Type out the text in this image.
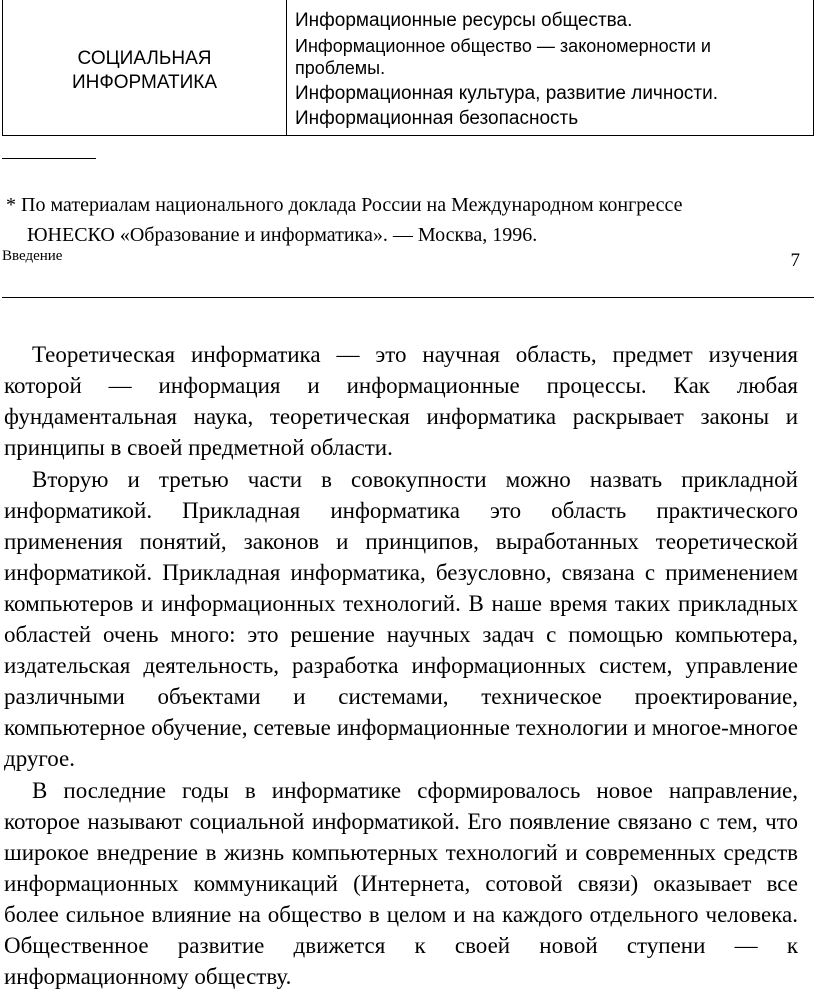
СОЦИАЛЬНАЯ
ИНФОРМАТИКА
Информационные ресурсы общества.
Информационное общество — закономерности и проблемы.
Информационная культура, развитие личности.
Информационная безопасность
* По материалам национального доклада России на Международном конгрессе
ЮНЕСКО «Образование и информатика». — Москва, 1996.
Введение	7

Теоретическая информатика — это научная область, предмет изучения которой — информация и информационные процессы. Как любая фундаментальная наука, теоретическая информатика раскрывает законы и принципы в своей предметной области.

Вторую и третью части в совокупности можно назвать прикладной информатикой. Прикладная информатика это область практического применения понятий, законов и принципов, выработанных теоретической информатикой. Прикладная информатика, безусловно, связана с применением компьютеров и информационных технологий. В наше время таких прикладных областей очень много: это решение научных задач с помощью компьютера, издательская деятельность, разработка информационных систем, управление различными объектами и системами, техническое проектирование, компьютерное обучение, сетевые информационные технологии и многое-многое другое.

В последние годы в информатике сформировалось новое направление, которое называют социальной информатикой. Его появление связано с тем, что широкое внедрение в жизнь компьютерных технологий и современных средств информационных коммуникаций (Интернета, сотовой связи) оказывает все более сильное влияние на общество в целом и на каждого отдельного человека. Общественное развитие движется к своей новой ступени — к информационному обществу.
